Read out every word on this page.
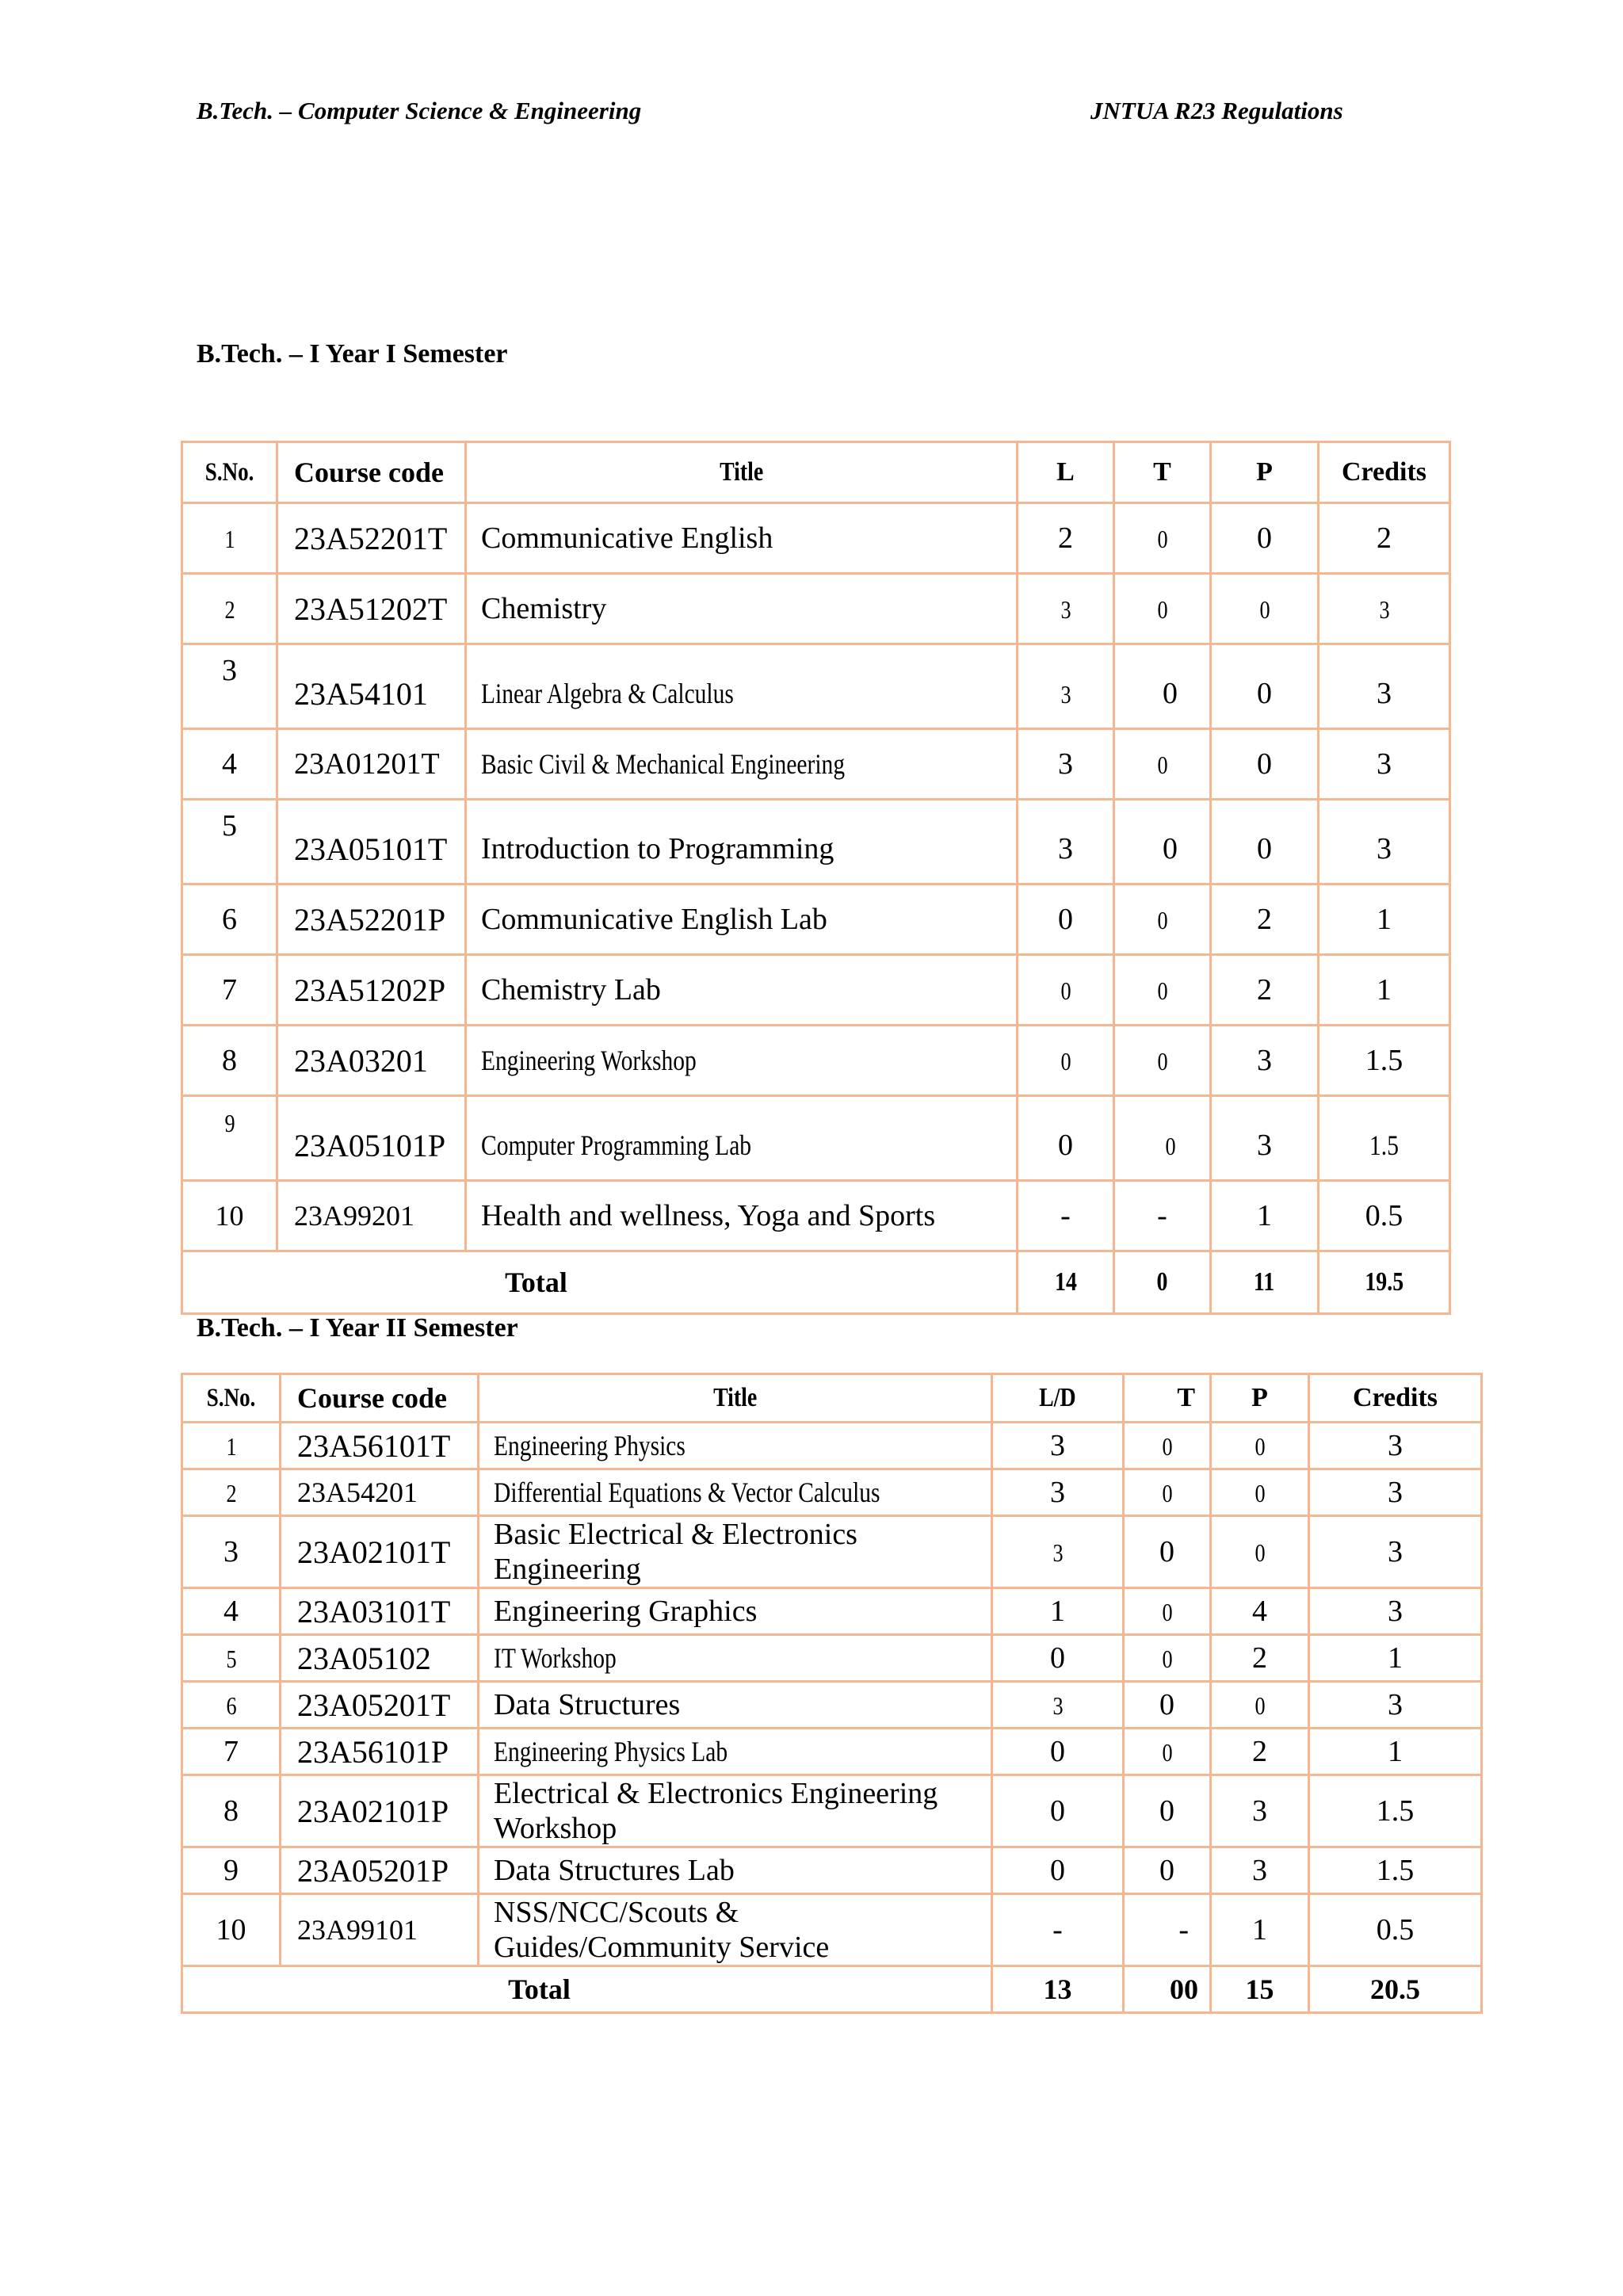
B.Tech. – Computer Science & Engineering	JNTUA R23 Regulations
B.Tech. – I Year I Semester
S.No.	Course code	Title	L	T	P	Credits
1	23A52201T	Communicative English	2	0	0	2
2	23A51202T	Chemistry	3	0	0	3
3	23A54101	Linear Algebra & Calculus	3	0	0	3
4	23A01201T	Basic Civil & Mechanical Engineering	3	0	0	3
5	23A05101T	Introduction to Programming	3	0	0	3
6	23A52201P	Communicative English Lab	0	0	2	1
7	23A51202P	Chemistry Lab	0	0	2	1
8	23A03201	Engineering Workshop	0	0	3	1.5
9	23A05101P	Computer Programming Lab	0	0	3	1.5
10	23A99201	Health and wellness, Yoga and Sports	-	-	1	0.5
Total			14	0	11	19.5
B.Tech. – I Year II Semester
S.No.	Course code	Title	L/D	T	P	Credits
1	23A56101T	Engineering Physics	3	0	0	3
2	23A54201	Differential Equations & Vector Calculus	3	0	0	3
3	23A02101T	Basic Electrical & Electronics Engineering	3	0	0	3
4	23A03101T	Engineering Graphics	1	0	4	3
5	23A05102	IT Workshop	0	0	2	1
6	23A05201T	Data Structures	3	0	0	3
7	23A56101P	Engineering Physics Lab	0	0	2	1
8	23A02101P	Electrical & Electronics Engineering Workshop	0	0	3	1.5
9	23A05201P	Data Structures Lab	0	0	3	1.5
10	23A99101	NSS/NCC/Scouts & Guides/Community Service	-	-	1	0.5
Total			13	00	15	20.5
